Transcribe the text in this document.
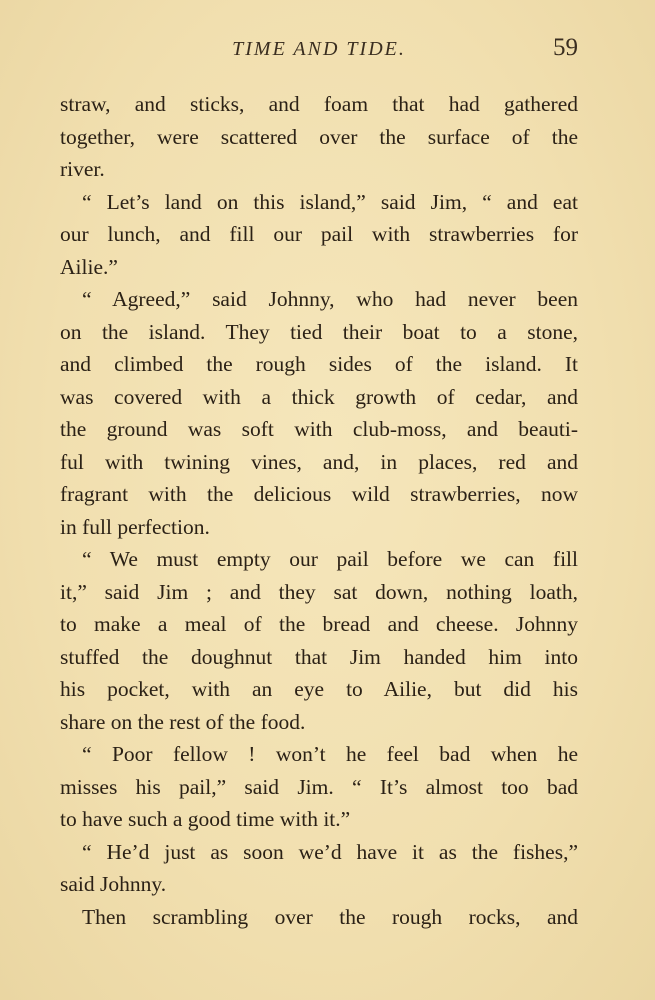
TIME AND TIDE.	59
straw, and sticks, and foam that had gathered
together, were scattered over the surface of the
river.
“ Let’s land on this island,” said Jim, “ and eat
our lunch, and fill our pail with strawberries for
Ailie.”
“ Agreed,” said Johnny, who had never been
on the island. They tied their boat to a stone,
and climbed the rough sides of the island. It
was covered with a thick growth of cedar, and
the ground was soft with club-moss, and beauti-
ful with twining vines, and, in places, red and
fragrant with the delicious wild strawberries, now
in full perfection.
“ We must empty our pail before we can fill
it,” said Jim ; and they sat down, nothing loath,
to make a meal of the bread and cheese. Johnny
stuffed the doughnut that Jim handed him into
his pocket, with an eye to Ailie, but did his
share on the rest of the food.
“ Poor fellow ! won’t he feel bad when he
misses his pail,” said Jim. “ It’s almost too bad
to have such a good time with it.”
“ He’d just as soon we’d have it as the fishes,”
said Johnny.
Then scrambling over the rough rocks, and
